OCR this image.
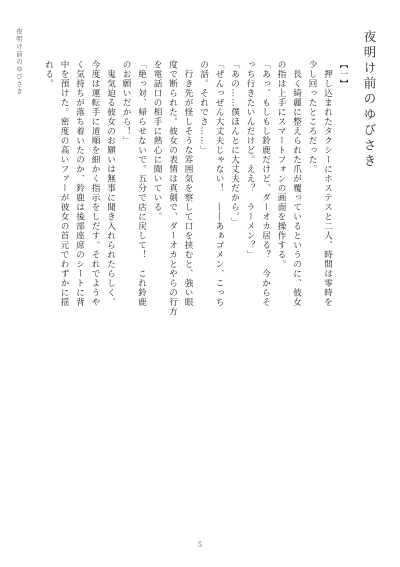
夜明け前のゆびさき	夜明け前のゆびさき
【一】
　押し込まれたタクシーにホステスと二人、時間は零時を
少し回ったところだった。
　長く綺麗に整えられた爪が覆っているというのに、彼女
の指は上手にスマートフォンの画面を操作する。
「あっ、もしもし鈴鹿だけど、ダーオカ居る？　今からそ
っち行きたいんだけど。ええ？　ラーメン？」
「あの……僕ほんとに大丈夫だから。」
「ぜんっぜん大丈夫じゃない！　――あぁゴメン、こっち
の話。それでさ……」
　行き先が怪しそうな雰囲気を察して口を挟むと、強い眼
度で断られた。彼女の表情は真剣で、ダーオカとやらの行方
を電話口の相手に熱心に聞いている。
「絶っ対、帰らせないで。五分で店に戻して！　これ鈴鹿
のお願いだから！」
　鬼気迫る彼女のお願いは無事に聞き入れられたらしく、
今度は運転手に道順を細かく指示をしだす。それでようや
く気持ちが落ち着いたのか、鈴鹿は後部座席のシートに背
中を預けた。密度の高いファーが彼女の首元でわずかに揺
れる。
5
